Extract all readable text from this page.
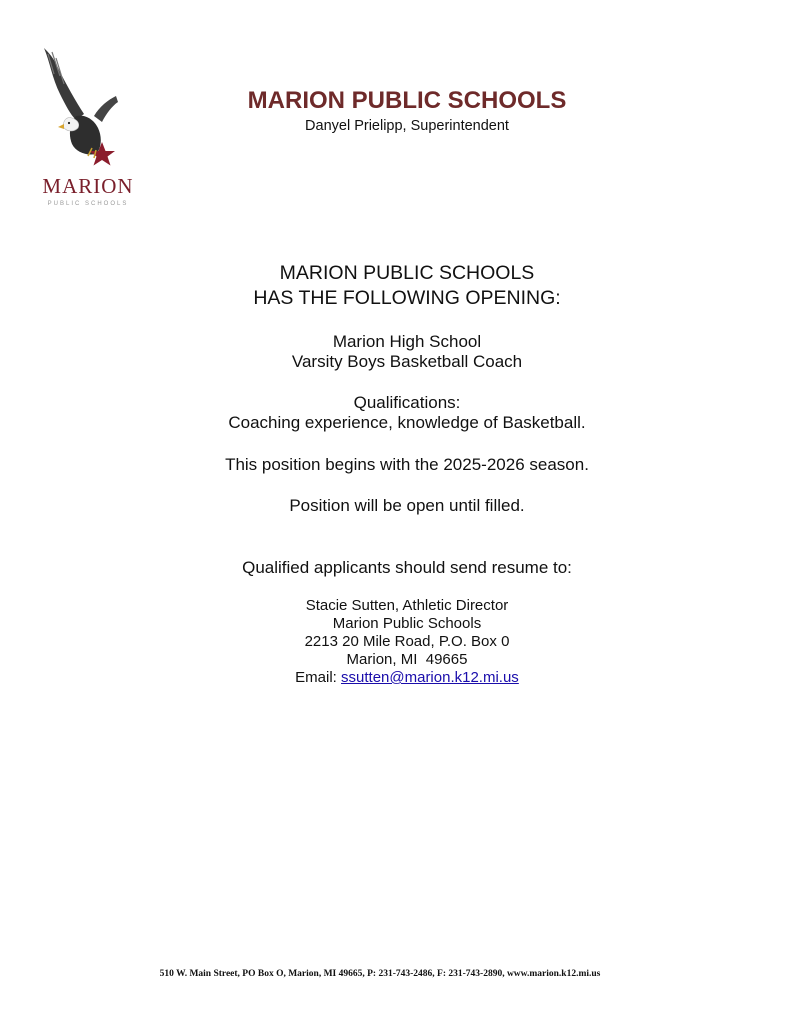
MARION
PUBLIC SCHOOLS
MARION PUBLIC SCHOOLS
Danyel Prielipp, Superintendent
MARION PUBLIC SCHOOLS
HAS THE FOLLOWING OPENING:
Marion High School
Varsity Boys Basketball Coach
Qualifications:
Coaching experience, knowledge of Basketball.
This position begins with the 2025-2026 season.
Position will be open until filled.
Qualified applicants should send resume to:
Stacie Sutten, Athletic Director
Marion Public Schools
2213 20 Mile Road, P.O. Box 0
Marion, MI  49665
Email: ssutten@marion.k12.mi.us
510 W. Main Street, PO Box O, Marion, MI 49665, P: 231-743-2486, F: 231-743-2890, www.marion.k12.mi.us
